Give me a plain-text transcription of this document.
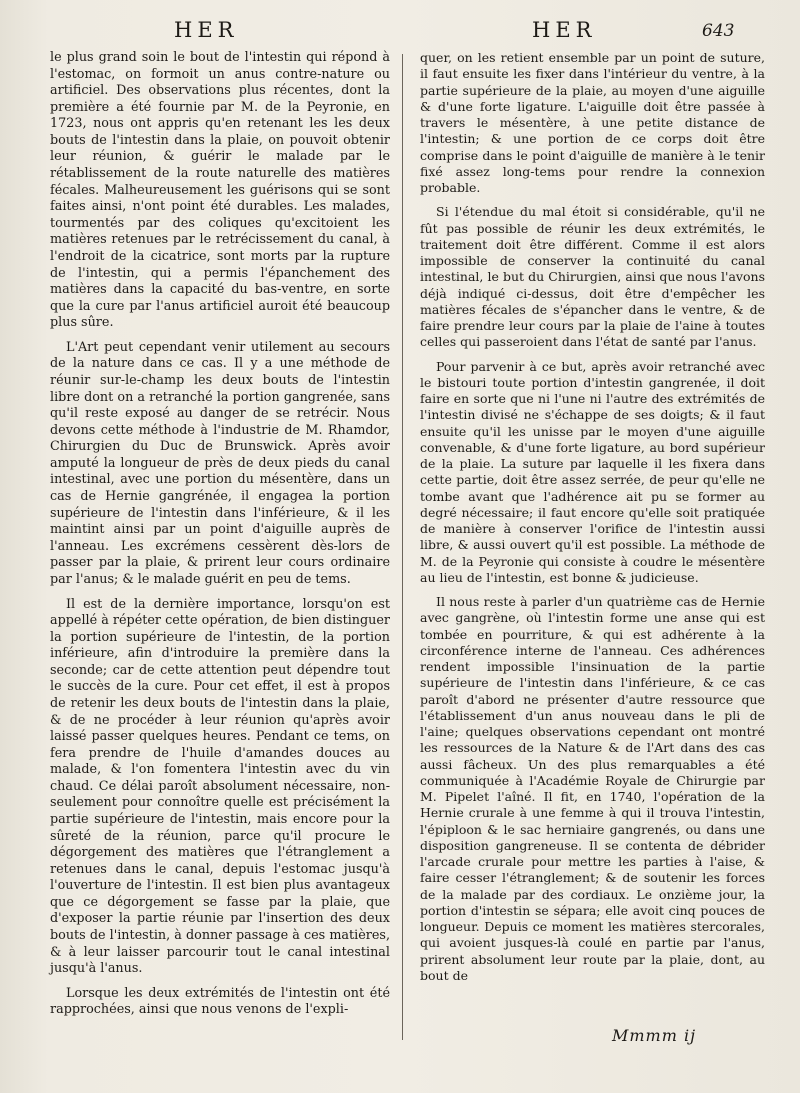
HER	HER	643

le plus grand soin le bout de l'intestin qui répond à l'estomac, on formoit un anus contre-nature ou artificiel. Des observations plus récentes, dont la première a été fournie par M. de la Peyronie, en 1723, nous ont appris qu'en retenant les les deux bouts de l'intestin dans la plaie, on pouvoit obtenir leur réunion, & guérir le malade par le rétablissement de la route naturelle des matières fécales. Malheureusement les guérisons qui se sont faites ainsi, n'ont point été durables. Les malades, tourmentés par des coliques qu'excitoient les matières retenues par le retrécissement du canal, à l'endroit de la cicatrice, sont morts par la rupture de l'intestin, qui a permis l'épanchement des matières dans la capacité du bas-ventre, en sorte que la cure par l'anus artificiel auroit été beaucoup plus sûre.

L'Art peut cependant venir utilement au secours de la nature dans ce cas. Il y a une méthode de réunir sur-le-champ les deux bouts de l'intestin libre dont on a retranché la portion gangrenée, sans qu'il reste exposé au danger de se retrécir. Nous devons cette méthode à l'industrie de M. Rhamdor, Chirurgien du Duc de Brunswick. Après avoir amputé la longueur de près de deux pieds du canal intestinal, avec une portion du mésentère, dans un cas de Hernie gangrénée, il engagea la portion supérieure de l'intestin dans l'inférieure, & il les maintint ainsi par un point d'aiguille auprès de l'anneau. Les excrémens cessèrent dès-lors de passer par la plaie, & prirent leur cours ordinaire par l'anus; & le malade guérit en peu de tems.

Il est de la dernière importance, lorsqu'on est appellé à répéter cette opération, de bien distinguer la portion supérieure de l'intestin, de la portion inférieure, afin d'introduire la première dans la seconde; car de cette attention peut dépendre tout le succès de la cure. Pour cet effet, il est à propos de retenir les deux bouts de l'intestin dans la plaie, & de ne procéder à leur réunion qu'après avoir laissé passer quelques heures. Pendant ce tems, on fera prendre de l'huile d'amandes douces au malade, & l'on fomentera l'intestin avec du vin chaud. Ce délai paroît absolument nécessaire, non-seulement pour connoître quelle est précisément la partie supérieure de l'intestin, mais encore pour la sûreté de la réunion, parce qu'il procure le dégorgement des matières que l'étranglement a retenues dans le canal, depuis l'estomac jusqu'à l'ouverture de l'intestin. Il est bien plus avantageux que ce dégorgement se fasse par la plaie, que d'exposer la partie réunie par l'insertion des deux bouts de l'intestin, à donner passage à ces matières, & à leur laisser parcourir tout le canal intestinal jusqu'à l'anus.

Lorsque les deux extrémités de l'intestin ont été rapprochées, ainsi que nous venons de l'expli-

quer, on les retient ensemble par un point de suture, il faut ensuite les fixer dans l'intérieur du ventre, à la partie supérieure de la plaie, au moyen d'une aiguille & d'une forte ligature. L'aiguille doit être passée à travers le mésentère, à une petite distance de l'intestin; & une portion de ce corps doit être comprise dans le point d'aiguille de manière à le tenir fixé assez long-tems pour rendre la connexion probable.

Si l'étendue du mal étoit si considérable, qu'il ne fût pas possible de réunir les deux extrémités, le traitement doit être différent. Comme il est alors impossible de conserver la continuité du canal intestinal, le but du Chirurgien, ainsi que nous l'avons déjà indiqué ci-dessus, doit être d'empêcher les matières fécales de s'épancher dans le ventre, & de faire prendre leur cours par la plaie de l'aine à toutes celles qui passeroient dans l'état de santé par l'anus.

Pour parvenir à ce but, après avoir retranché avec le bistouri toute portion d'intestin gangrenée, il doit faire en sorte que ni l'une ni l'autre des extrémités de l'intestin divisé ne s'échappe de ses doigts; & il faut ensuite qu'il les unisse par le moyen d'une aiguille convenable, & d'une forte ligature, au bord supérieur de la plaie. La suture par laquelle il les fixera dans cette partie, doit être assez serrée, de peur qu'elle ne tombe avant que l'adhérence ait pu se former au degré nécessaire; il faut encore qu'elle soit pratiquée de manière à conserver l'orifice de l'intestin aussi libre, & aussi ouvert qu'il est possible. La méthode de M. de la Peyronie qui consiste à coudre le mésentère au lieu de l'intestin, est bonne & judicieuse.

Il nous reste à parler d'un quatrième cas de Hernie avec gangrène, où l'intestin forme une anse qui est tombée en pourriture, & qui est adhérente à la circonférence interne de l'anneau. Ces adhérences rendent impossible l'insinuation de la partie supérieure de l'intestin dans l'inférieure, & ce cas paroît d'abord ne présenter d'autre ressource que l'établissement d'un anus nouveau dans le pli de l'aine; quelques observations cependant ont montré les ressources de la Nature & de l'Art dans des cas aussi fâcheux. Un des plus remarquables a été communiquée à l'Académie Royale de Chirurgie par M. Pipelet l'aîné. Il fit, en 1740, l'opération de la Hernie crurale à une femme à qui il trouva l'intestin, l'épiploon & le sac herniaire gangrenés, ou dans une disposition gangreneuse. Il se contenta de débrider l'arcade crurale pour mettre les parties à l'aise, & faire cesser l'étranglement; & de soutenir les forces de la malade par des cordiaux. Le onzième jour, la portion d'intestin se sépara; elle avoit cinq pouces de longueur. Depuis ce moment les matières stercorales, qui avoient jusques-là coulé en partie par l'anus, prirent absolument leur route par la plaie, dont, au bout de

Mmmm ij
